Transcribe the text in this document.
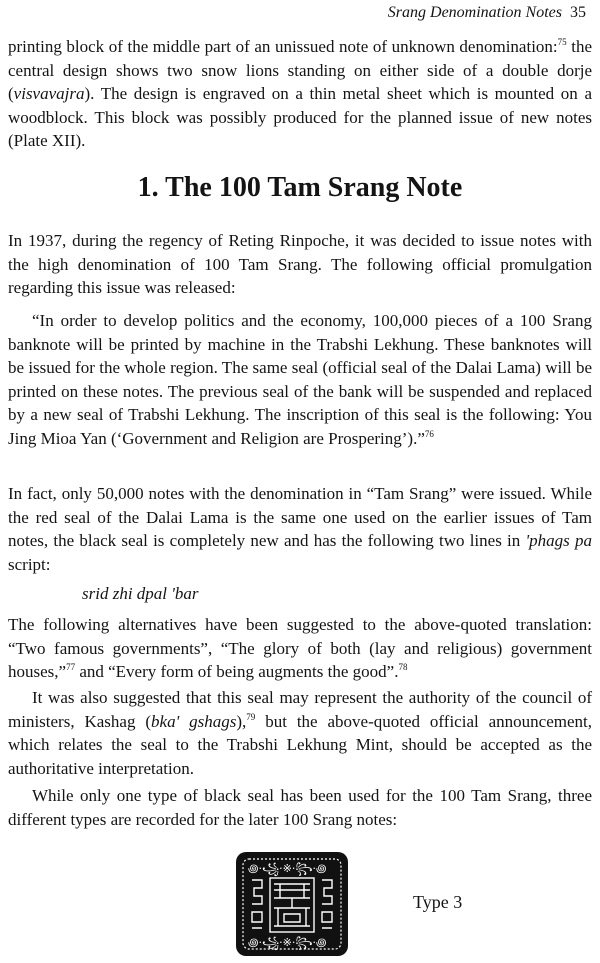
Srang Denomination Notes 35

printing block of the middle part of an unissued note of unknown denomination:$^{75}$ the central design shows two snow lions standing on either side of a double dorje (visvavajra). The design is engraved on a thin metal sheet which is mounted on a woodblock. This block was possibly produced for the planned issue of new notes (Plate XII).

1. The 100 Tam Srang Note

In 1937, during the regency of Reting Rinpoche, it was decided to issue notes with the high denomination of 100 Tam Srang. The following official promulgation regarding this issue was released:

“In order to develop politics and the economy, 100,000 pieces of a 100 Srang banknote will be printed by machine in the Trabshi Lekhung. These banknotes will be issued for the whole region. The same seal (official seal of the Dalai Lama) will be printed on these notes. The previous seal of the bank will be suspended and replaced by a new seal of Trabshi Lekhung. The inscription of this seal is the following: You Jing Mioa Yan (‘Government and Religion are Prospering’).”$^{76}$

In fact, only 50,000 notes with the denomination in “Tam Srang” were issued. While the red seal of the Dalai Lama is the same one used on the earlier issues of Tam notes, the black seal is completely new and has the following two lines in 'phags pa script:

srid zhi dpal 'bar

The following alternatives have been suggested to the above-quoted translation: “Two famous governments”, “The glory of both (lay and religious) government houses,”$^{77}$ and “Every form of being augments the good”.$^{78}$

It was also suggested that this seal may represent the authority of the council of ministers, Kashag (bka' gshags),$^{79}$ but the above-quoted official announcement, which relates the seal to the Trabshi Lekhung Mint, should be accepted as the authoritative interpretation.

While only one type of black seal has been used for the 100 Tam Srang, three different types are recorded for the later 100 Srang notes:

꩜·꧁·※·꧂·꩜
꩜·꧁·※·꧂·꩜
Type 3
